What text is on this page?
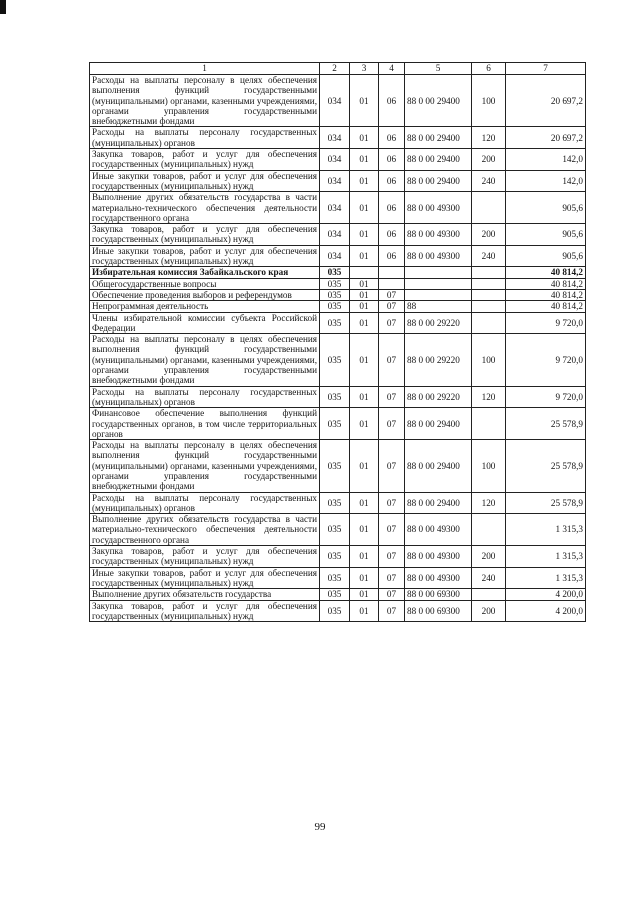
1	2	3	4	5	6	7
Расходы на выплаты персоналу в целях обеспечения выполнения функций государственными (муниципальными) органами, казенными учреждениями, органами управления государственными внебюджетными фондами	034	01	06	88 0 00 29400	100	20 697,2
Расходы на выплаты персоналу государственных (муниципальных) органов	034	01	06	88 0 00 29400	120	20 697,2
Закупка товаров, работ и услуг для обеспечения государственных (муниципальных) нужд	034	01	06	88 0 00 29400	200	142,0
Иные закупки товаров, работ и услуг для обеспечения государственных (муниципальных) нужд	034	01	06	88 0 00 29400	240	142,0
Выполнение других обязательств государства в части материально-технического обеспечения деятельности государственного органа	034	01	06	88 0 00 49300		905,6
Закупка товаров, работ и услуг для обеспечения государственных (муниципальных) нужд	034	01	06	88 0 00 49300	200	905,6
Иные закупки товаров, работ и услуг для обеспечения государственных (муниципальных) нужд	034	01	06	88 0 00 49300	240	905,6
Избирательная комиссия Забайкальского края	035					40 814,2
Общегосударственные вопросы	035	01				40 814,2
Обеспечение проведения выборов и референдумов	035	01	07			40 814,2
Непрограммная деятельность	035	01	07	88		40 814,2
Члены избирательной комиссии субъекта Российской Федерации	035	01	07	88 0 00 29220		9 720,0
Расходы на выплаты персоналу в целях обеспечения выполнения функций государственными (муниципальными) органами, казенными учреждениями, органами управления государственными внебюджетными фондами	035	01	07	88 0 00 29220	100	9 720,0
Расходы на выплаты персоналу государственных (муниципальных) органов	035	01	07	88 0 00 29220	120	9 720,0
Финансовое обеспечение выполнения функций государственных органов, в том числе территориальных органов	035	01	07	88 0 00 29400		25 578,9
Расходы на выплаты персоналу в целях обеспечения выполнения функций государственными (муниципальными) органами, казенными учреждениями, органами управления государственными внебюджетными фондами	035	01	07	88 0 00 29400	100	25 578,9
Расходы на выплаты персоналу государственных (муниципальных) органов	035	01	07	88 0 00 29400	120	25 578,9
Выполнение других обязательств государства в части материально-технического обеспечения деятельности государственного органа	035	01	07	88 0 00 49300		1 315,3
Закупка товаров, работ и услуг для обеспечения государственных (муниципальных) нужд	035	01	07	88 0 00 49300	200	1 315,3
Иные закупки товаров, работ и услуг для обеспечения государственных (муниципальных) нужд	035	01	07	88 0 00 49300	240	1 315,3
Выполнение других обязательств государства	035	01	07	88 0 00 69300		4 200,0
Закупка товаров, работ и услуг для обеспечения государственных (муниципальных) нужд	035	01	07	88 0 00 69300	200	4 200,0
99
